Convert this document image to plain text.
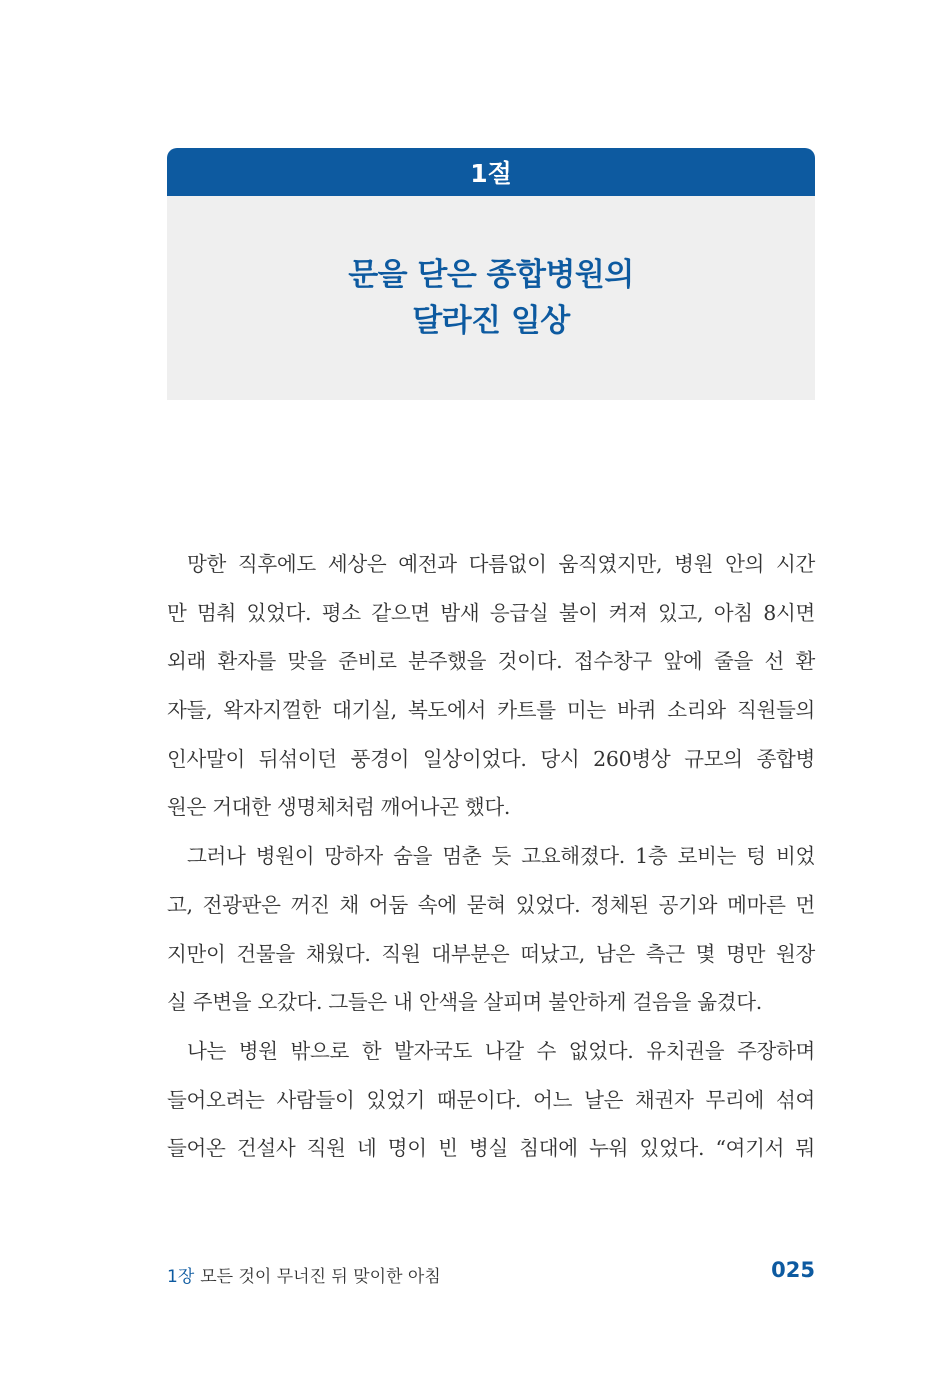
1절
문을 닫은 종합병원의
달라진 일상
망한 직후에도 세상은 예전과 다름없이 움직였지만, 병원 안의 시간
만 멈춰 있었다. 평소 같으면 밤새 응급실 불이 켜져 있고, 아침 8시면
외래 환자를 맞을 준비로 분주했을 것이다. 접수창구 앞에 줄을 선 환
자들, 왁자지껄한 대기실, 복도에서 카트를 미는 바퀴 소리와 직원들의
인사말이 뒤섞이던 풍경이 일상이었다. 당시 260병상 규모의 종합병
원은 거대한 생명체처럼 깨어나곤 했다.
그러나 병원이 망하자 숨을 멈춘 듯 고요해졌다. 1층 로비는 텅 비었
고, 전광판은 꺼진 채 어둠 속에 묻혀 있었다. 정체된 공기와 메마른 먼
지만이 건물을 채웠다. 직원 대부분은 떠났고, 남은 측근 몇 명만 원장
실 주변을 오갔다. 그들은 내 안색을 살피며 불안하게 걸음을 옮겼다.
나는 병원 밖으로 한 발자국도 나갈 수 없었다. 유치권을 주장하며
들어오려는 사람들이 있었기 때문이다. 어느 날은 채권자 무리에 섞여
들어온 건설사 직원 네 명이 빈 병실 침대에 누워 있었다. “여기서 뭐
1장 모든 것이 무너진 뒤 맞이한 아침	025
